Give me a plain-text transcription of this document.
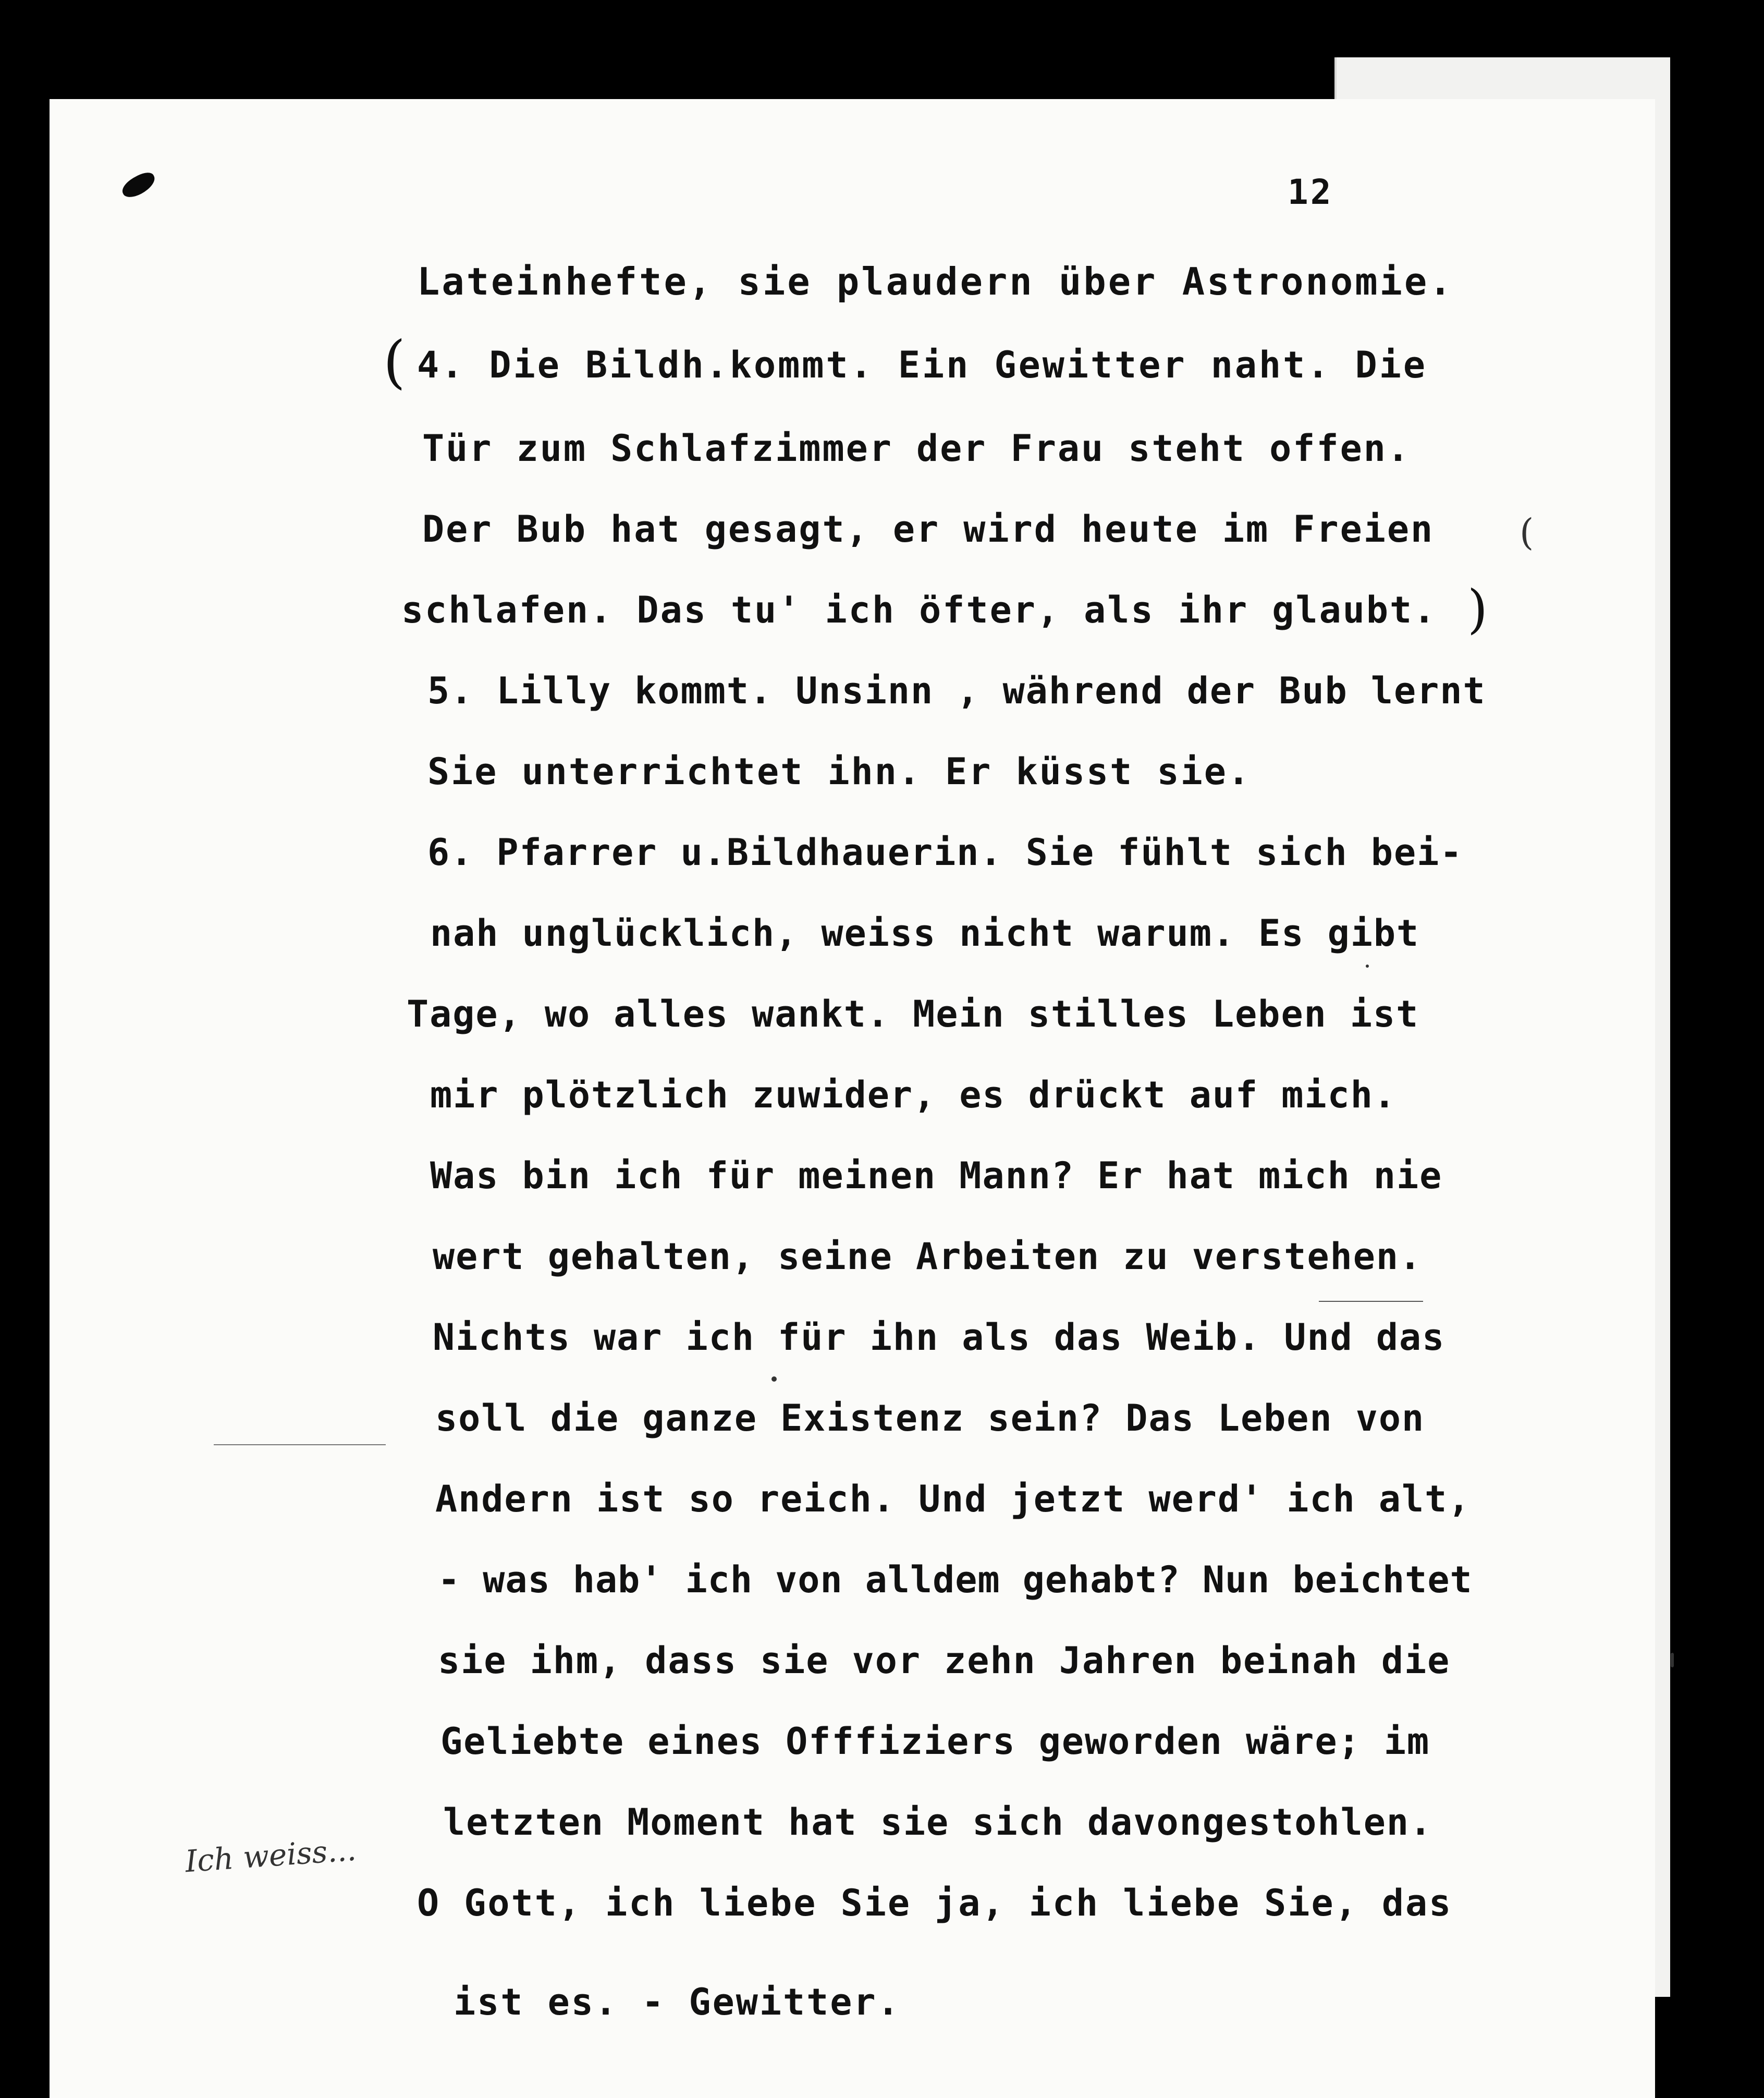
12
Lateinhefte, sie plaudern über Astronomie.
4. Die Bildh.kommt. Ein Gewitter naht. Die
Tür zum Schlafzimmer der Frau steht offen.
Der Bub hat gesagt, er wird heute im Freien
schlafen. Das tu' ich öfter, als ihr glaubt.
5. Lilly kommt. Unsinn , während der Bub lernt
Sie unterrichtet ihn. Er küsst sie.
6. Pfarrer u.Bildhauerin. Sie fühlt sich bei-
nah unglücklich, weiss nicht warum. Es gibt
Tage, wo alles wankt. Mein stilles Leben ist
mir plötzlich zuwider, es drückt auf mich.
Was bin ich für meinen Mann? Er hat mich nie
wert gehalten, seine Arbeiten zu verstehen.
Nichts war ich für ihn als das Weib. Und das
soll die ganze Existenz sein? Das Leben von
Andern ist so reich. Und jetzt werd' ich alt,
- was hab' ich von alldem gehabt? Nun beichtet
sie ihm, dass sie vor zehn Jahren beinah die
Geliebte eines Offfiziers geworden wäre; im
letzten Moment hat sie sich davongestohlen.
O Gott, ich liebe Sie ja, ich liebe Sie, das
ist es. - Gewitter.
(
)
(
Ich weiss...
